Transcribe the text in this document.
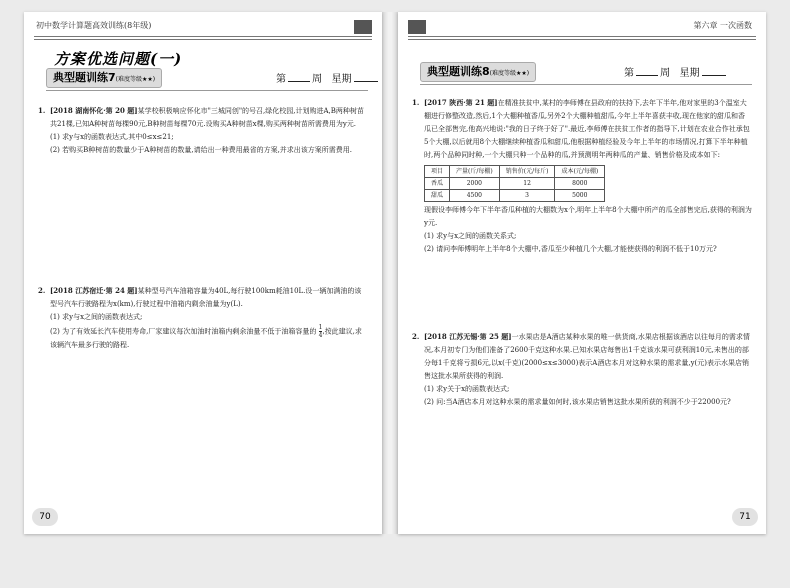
初中数学计算题高效训练(8年级)
方案优选问题(一)
典型题训练7(难度等级★★)	第	周 星期
1. [2018 湖南怀化·第 20 题]某学校积极响应怀化市"三城同创"的号召,绿化校园,计划购进A,B两种树苗共21棵,已知A种树苗每棵90元,B种树苗每棵70元.设购买A种树苗x棵,购买两种树苗所需费用为y元.
(1) 求y与x的函数表达式,其中0≤x≤21;
(2) 若购买B种树苗的数量少于A种树苗的数量,请给出一种费用最省的方案,并求出该方案所需费用.
2. [2018 江苏宿迁·第 24 题]某种型号汽车油箱容量为40L,每行驶100km耗油10L.设一辆加满油的该型号汽车行驶路程为x(km),行驶过程中油箱内剩余油量为y(L).
(1) 求y与x之间的函数表达式;
(2) 为了有效延长汽车使用寿命,厂家建议每次加油时油箱内剩余油量不低于油箱容量的 $\frac{1}{4}$ ,按此建议,求该辆汽车最多行驶的路程.
70
第六章 一次函数
典型题训练8(难度等级★★)	第	周 星期
1. [2017 陕西·第 21 题]在精准扶贫中,某村的李师傅在县政府的扶持下,去年下半年,他对家里的3个温室大棚进行修整改造,然后,1个大棚种植香瓜,另外2个大棚种植甜瓜,今年上半年喜获丰收,现在他家的甜瓜和香瓜已全部售完,他高兴地说:"我的日子终于好了".最近,李师傅在扶贫工作者的指导下,计划在农业合作社承包5个大棚,以后就用8个大棚继续种植香瓜和甜瓜,他根据种植经验及今年上半年的市场情况,打算下半年种植时,两个品种同时种,一个大棚只种一个品种的瓜,并预测明年两种瓜的产量、销售价格及成本如下:
项目	产量(斤/每棚)	销售价(元/每斤)	成本(元/每棚)
香瓜	2000	12	8000
甜瓜	4500	3	5000
现假设李师傅今年下半年香瓜种植的大棚数为x个,明年上半年8个大棚中所产的瓜全部售完后,获得的利润为y元.
(1) 求y与x之间的函数关系式;
(2) 请问李师傅明年上半年8个大棚中,香瓜至少种植几个大棚,才能使获得的利润不低于10万元?
2. [2018 江苏无锡·第 25 题]一水果店是A酒店某种水果的唯一供货商,水果店根据该酒店以往每月的需求情况,本月初专门为他们准备了2600千克这种水果.已知水果店每售出1千克该水果可获利润10元,未售出的部分每1千克将亏损6元,以x(千克)(2000≤x≤3000)表示A酒店本月对这种水果的需求量,y(元)表示水果店销售这批水果所获得的利润.
(1) 求y关于x的函数表达式;
(2) 问:当A酒店本月对这种水果的需求量如何时,该水果店销售这批水果所获的利润不少于22000元?
71
